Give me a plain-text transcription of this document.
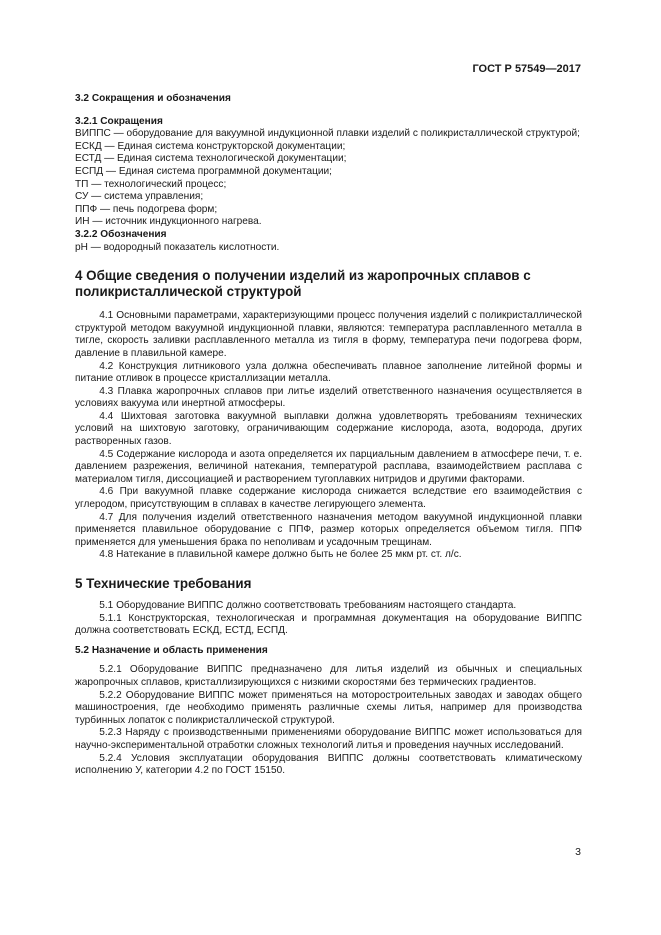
ГОСТ Р 57549—2017

3.2 Сокращения и обозначения

3.2.1 Сокращения

ВИППС — оборудование для вакуумной индукционной плавки изделий с поликристаллической структурой;

ЕСКД — Единая система конструкторской документации;

ЕСТД — Единая система технологической документации;

ЕСПД — Единая система программной документации;

ТП — технологический процесс;

СУ — система управления;

ППФ — печь подогрева форм;

ИН — источник индукционного нагрева.

3.2.2 Обозначения

pH — водородный показатель кислотности.

4 Общие сведения о получении изделий из жаропрочных сплавов с поликристаллической структурой

4.1 Основными параметрами, характеризующими процесс получения изделий с поликристаллической структурой методом вакуумной индукционной плавки, являются: температура расплавленного металла в тигле, скорость заливки расплавленного металла из тигля в форму, температура печи подогрева форм, давление в плавильной камере.

4.2 Конструкция литникового узла должна обеспечивать плавное заполнение литейной формы и питание отливок в процессе кристаллизации металла.

4.3 Плавка жаропрочных сплавов при литье изделий ответственного назначения осуществляется в условиях вакуума или инертной атмосферы.

4.4 Шихтовая заготовка вакуумной выплавки должна удовлетворять требованиям технических условий на шихтовую заготовку, ограничивающим содержание кислорода, азота, водорода, других растворенных газов.

4.5 Содержание кислорода и азота определяется их парциальным давлением в атмосфере печи, т. е. давлением разрежения, величиной натекания, температурой расплава, взаимодействием расплава с материалом тигля, диссоциацией и растворением тугоплавких нитридов и другими факторами.

4.6 При вакуумной плавке содержание кислорода снижается вследствие его взаимодействия с углеродом, присутствующим в сплавах в качестве легирующего элемента.

4.7 Для получения изделий ответственного назначения методом вакуумной индукционной плавки применяется плавильное оборудование с ППФ, размер которых определяется объемом тигля. ППФ применяется для уменьшения брака по неполивам и усадочным трещинам.

4.8 Натекание в плавильной камере должно быть не более 25 мкм рт. ст. л/с.

5 Технические требования

5.1 Оборудование ВИППС должно соответствовать требованиям настоящего стандарта.

5.1.1 Конструкторская, технологическая и программная документация на оборудование ВИППС должна соответствовать ЕСКД, ЕСТД, ЕСПД.

5.2 Назначение и область применения

5.2.1 Оборудование ВИППС предназначено для литья изделий из обычных и специальных жаропрочных сплавов, кристаллизирующихся с низкими скоростями без термических градиентов.

5.2.2 Оборудование ВИППС может применяться на моторостроительных заводах и заводах общего машиностроения, где необходимо применять различные схемы литья, например для производства турбинных лопаток с поликристаллической структурой.

5.2.3 Наряду с производственными применениями оборудование ВИППС может использоваться для научно-экспериментальной отработки сложных технологий литья и проведения научных исследований.

5.2.4 Условия эксплуатации оборудования ВИППС должны соответствовать климатическому исполнению У, категории 4.2 по ГОСТ 15150.

3
